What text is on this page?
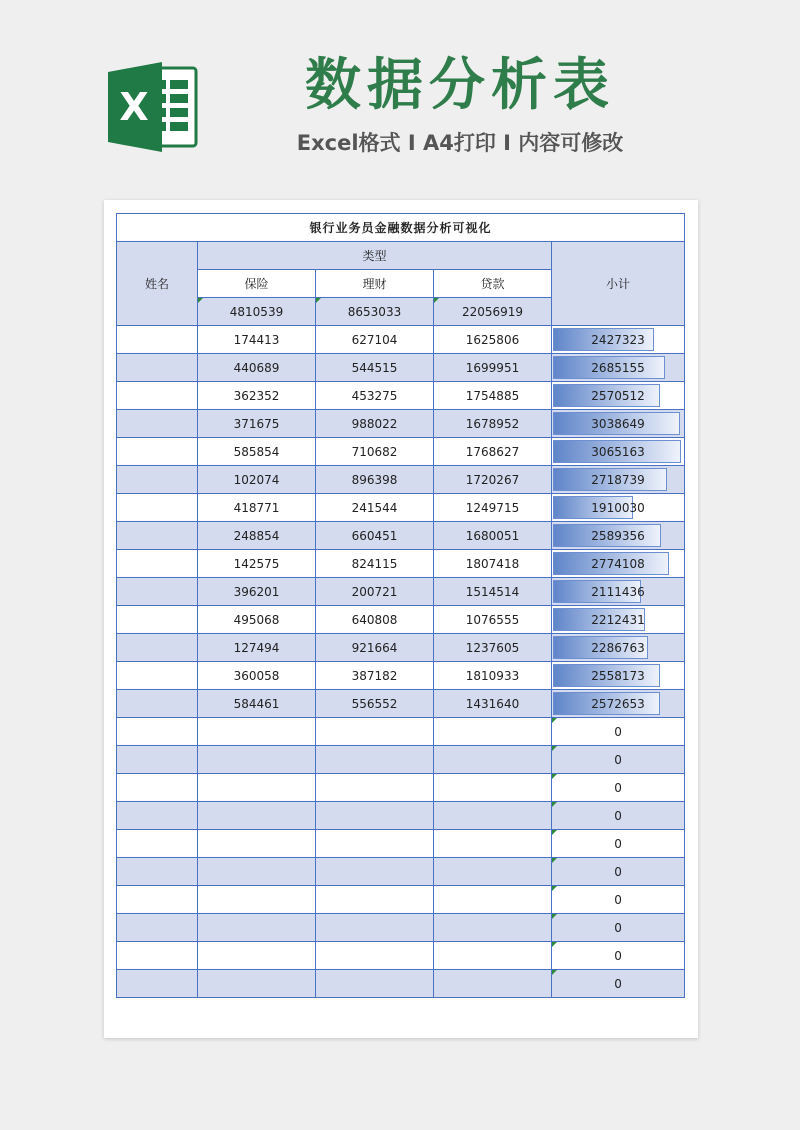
X	数据分析表
Excel格式 I A4打印 I 内容可修改
银行业务员金融数据分析可视化				
姓名	类型			小计
	保险	理财	贷款	
	4810539	8653033	22056919	
	174413	627104	1625806	2427323
	440689	544515	1699951	2685155
	362352	453275	1754885	2570512
	371675	988022	1678952	3038649
	585854	710682	1768627	3065163
	102074	896398	1720267	2718739
	418771	241544	1249715	1910030
	248854	660451	1680051	2589356
	142575	824115	1807418	2774108
	396201	200721	1514514	2111436
	495068	640808	1076555	2212431
	127494	921664	1237605	2286763
	360058	387182	1810933	2558173
	584461	556552	1431640	2572653
				0
				0
				0
				0
				0
				0
				0
				0
				0
				0
